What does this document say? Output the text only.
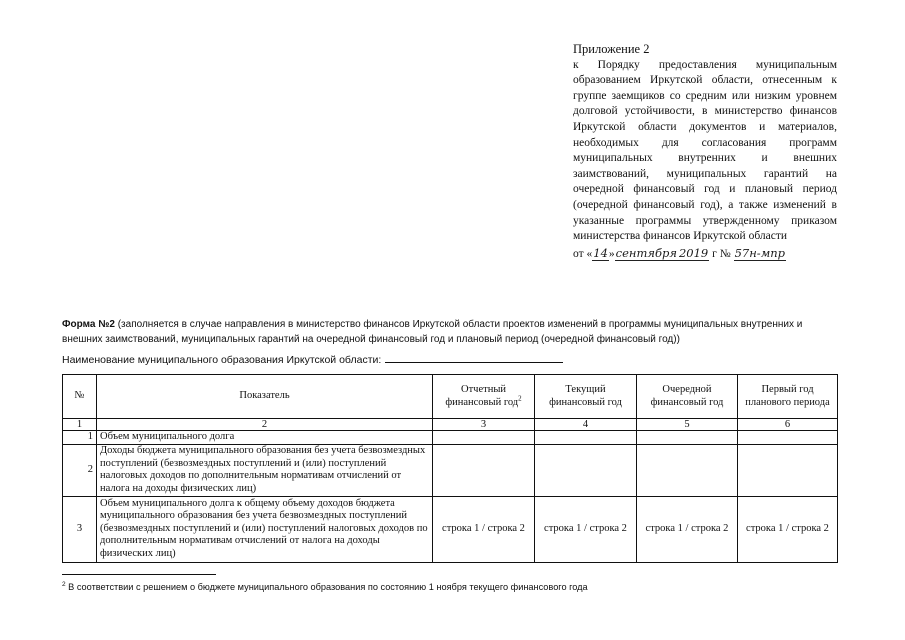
Приложение 2
к Порядку предоставления муниципальным образованием Иркутской области, отнесенным к группе заемщиков со средним или низким уровнем долговой устойчивости, в министерство финансов Иркутской области документов и материалов, необходимых для согласования программ муниципальных внутренних и внешних заимствований, муниципальных гарантий на очередной финансовый год и плановый период (очередной финансовый год), а также изменений в указанные программы утвержденному приказом министерства финансов Иркутской области
от «14»сентября 2019 г № 57н-мпр
Форма №2 (заполняется в случае направления в министерство финансов Иркутской области проектов изменений в программы муниципальных внутренних и внешних заимствований, муниципальных гарантий на очередной финансовый год и плановый период (очередной финансовый год))
Наименование муниципального образования Иркутской области:
№	Показатель	Отчетный финансовый год$^2$	Текущий финансовый год	Очередной финансовый год	Первый год планового периода
1	2	3	4	5	6
1	Объем муниципального долга				
2	Доходы бюджета муниципального образования без учета безвозмездных поступлений (безвозмездных поступлений и (или) поступлений налоговых доходов по дополнительным нормативам отчислений от налога на доходы физических лиц)				
3	Объем муниципального долга к общему объему доходов бюджета муниципального образования без учета безвозмездных поступлений (безвозмездных поступлений и (или) поступлений налоговых доходов по дополнительным нормативам отчислений от налога на доходы физических лиц)	строка 1 / строка 2	строка 1 / строка 2	строка 1 / строка 2	строка 1 / строка 2
$^2$ В соответствии с решением о бюджете муниципального образования по состоянию 1 ноября текущего финансового года
